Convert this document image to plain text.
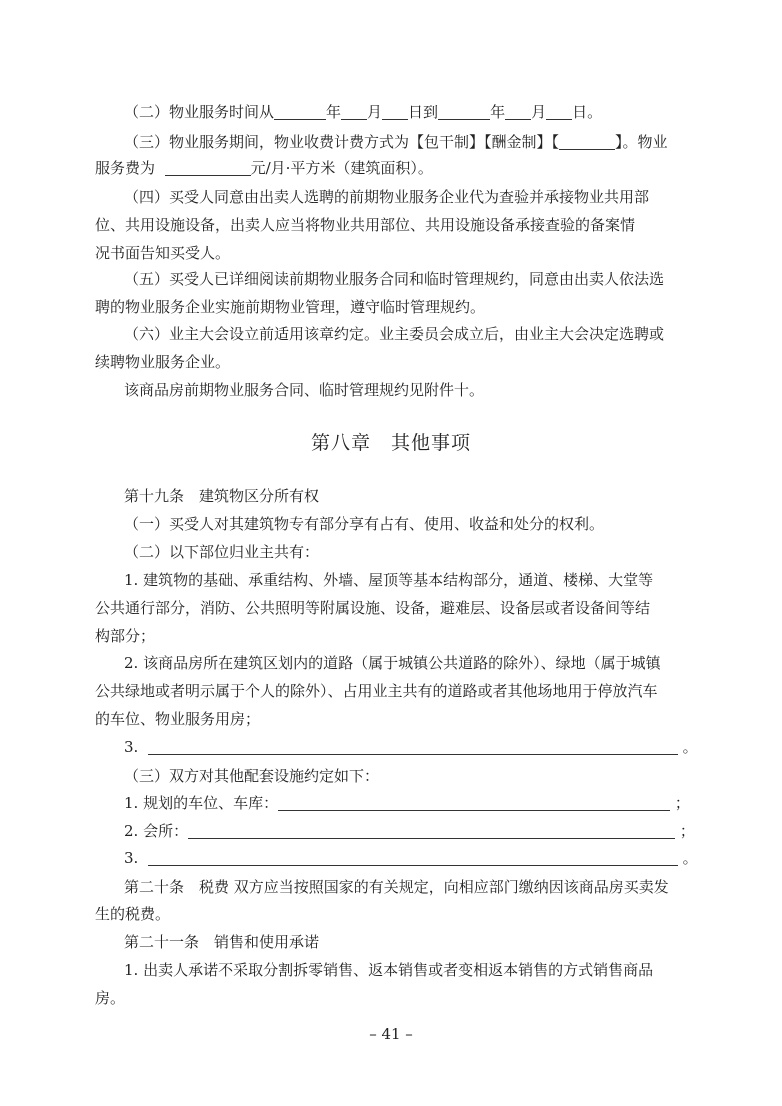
（二）物业服务时间从	年 月 日到	年 月 日。
（三）物业服务期间，物业收费计费方式为【包干制】【酬金制】【	】。物业
服务费为	元/月·平方米（建筑面积）。
（四）买受人同意由出卖人选聘的前期物业服务企业代为查验并承接物业共用部
位、共用设施设备，出卖人应当将物业共用部位、共用设施设备承接查验的备案情
况书面告知买受人。
（五）买受人已详细阅读前期物业服务合同和临时管理规约，同意由出卖人依法选
聘的物业服务企业实施前期物业管理，遵守临时管理规约。
（六）业主大会设立前适用该章约定。业主委员会成立后，由业主大会决定选聘或
续聘物业服务企业。
该商品房前期物业服务合同、临时管理规约见附件十。
第八章　其他事项
第十九条　建筑物区分所有权
（一）买受人对其建筑物专有部分享有占有、使用、收益和处分的权利。
（二）以下部位归业主共有：
1. 建筑物的基础、承重结构、外墙、屋顶等基本结构部分，通道、楼梯、大堂等
公共通行部分，消防、公共照明等附属设施、设备，避难层、设备层或者设备间等结
构部分；
2. 该商品房所在建筑区划内的道路（属于城镇公共道路的除外）、绿地（属于城镇
公共绿地或者明示属于个人的除外）、占用业主共有的道路或者其他场地用于停放汽车
的车位、物业服务用房；
3.	。
（三）双方对其他配套设施约定如下：
1. 规划的车位、车库：	；
2. 会所：	；
3.	。
第二十条　税费 双方应当按照国家的有关规定，向相应部门缴纳因该商品房买卖发
生的税费。
第二十一条　销售和使用承诺
1. 出卖人承诺不采取分割拆零销售、返本销售或者变相返本销售的方式销售商品
房。
– 41 –
